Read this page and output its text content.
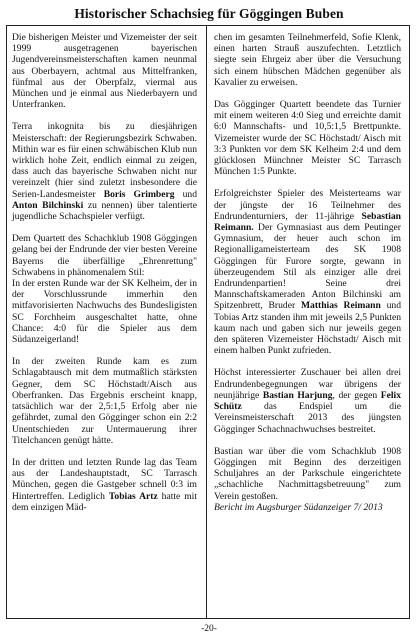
Historischer Schachsieg für Göggingen Buben

Die bisherigen Meister und Vizemeister der seit 1999 ausgetragenen bayerischen Jugendvereinsmeisterschaften kamen neunmal aus Oberbayern, achtmal aus Mittelfranken, fünfmal aus der Oberpfalz, viermal aus München und je einmal aus Niederbayern und Unterfranken.

Terra inkognita bis zu diesjährigen Meisterschaft: der Regierungsbezirk Schwaben. Mithin war es für einen schwäbischen Klub nun wirklich hohe Zeit, endlich einmal zu zeigen, dass auch das bayerische Schwaben nicht nur vereinzelt (hier sind zuletzt insbesondere die Serien-Landesmeister Boris Grimberg und Anton Bilchinski zu nennen) über talentierte jugendliche Schachspieler verfügt.

Dem Quartett des Schachklub 1908 Göggingen gelang bei der Endrunde der vier besten Vereine Bayerns die überfällige „Ehrenrettung" Schwabens in phänomenalem Stil:
In der ersten Runde war der SK Kelheim, der in der Vorschlussrunde immerhin den mitfavorisierten Nachwuchs des Bundesligisten SC Forchheim ausgeschaltet hatte, ohne Chance: 4:0 für die Spieler aus dem Südanzeigerland!

In der zweiten Runde kam es zum Schlagabtausch mit dem mutmaßlich stärksten Gegner, dem SC Höchstadt/Aisch aus Oberfranken. Das Ergebnis erscheint knapp, tatsächlich war der 2,5:1,5 Erfolg aber nie gefährdet, zumal den Gögginger schon ein 2:2 Unentschieden zur Untermauerung ihrer Titelchancen genügt hätte.

In der dritten und letzten Runde lag das Team aus der Landeshauptstadt, SC Tarrasch München, gegen die Gastgeber schnell 0:3 im Hintertreffen. Lediglich Tobias Artz hatte mit dem einzigen Mäd-

chen im gesamten Teilnehmerfeld, Sofie Klenk, einen harten Strauß auszufechten. Letztlich siegte sein Ehrgeiz aber über die Versuchung sich einem hübschen Mädchen gegenüber als Kavalier zu erweisen.

Das Gögginger Quartett beendete das Turnier mit einem weiteren 4:0 Sieg und erreichte damit 6:0 Mannschafts- und 10,5:1,5 Brettpunkte. Vizemeister wurde der SC Höchstadt/ Aisch mit 3:3 Punkten vor dem SK Kelheim 2:4 und dem glücklosen Münchner Meister SC Tarrasch München 1:5 Punkte.

Erfolgreichster Spieler des Meisterteams war der jüngste der 16 Teilnehmer des Endrundenturniers, der 11-jährige Sebastian Reimann. Der Gymnasiast aus dem Peutinger Gymnasium, der heuer auch schon im Regionalligameisterteam des SK 1908 Göggingen für Furore sorgte, gewann in überzeugendem Stil als einziger alle drei Endrundenpartien! Seine drei Mannschaftskameraden Anton Bilchinski am Spitzenbrett, Bruder Matthias Reimann und Tobias Artz standen ihm mit jeweils 2,5 Punkten kaum nach und gaben sich nur jeweils gegen den späteren Vizemeister Höchstadt/ Aisch mit einem halben Punkt zufrieden.

Höchst interessierter Zuschauer bei allen drei Endrundenbegegnungen war übrigens der neunjährige Bastian Harjung, der gegen Felix Schütz das Endspiel um die Vereinsmeisterschaft 2013 des jüngsten Gögginger Schachnachwuchses bestreitet.

Bastian war über die vom Schachklub 1908 Göggingen mit Beginn des derzeitigen Schuljahres an der Parkschule eingerichtete „schachliche Nachmittagsbetreuung" zum Verein gestoßen.
Bericht im Augsburger Südanzeiger 7/ 2013

-20-
